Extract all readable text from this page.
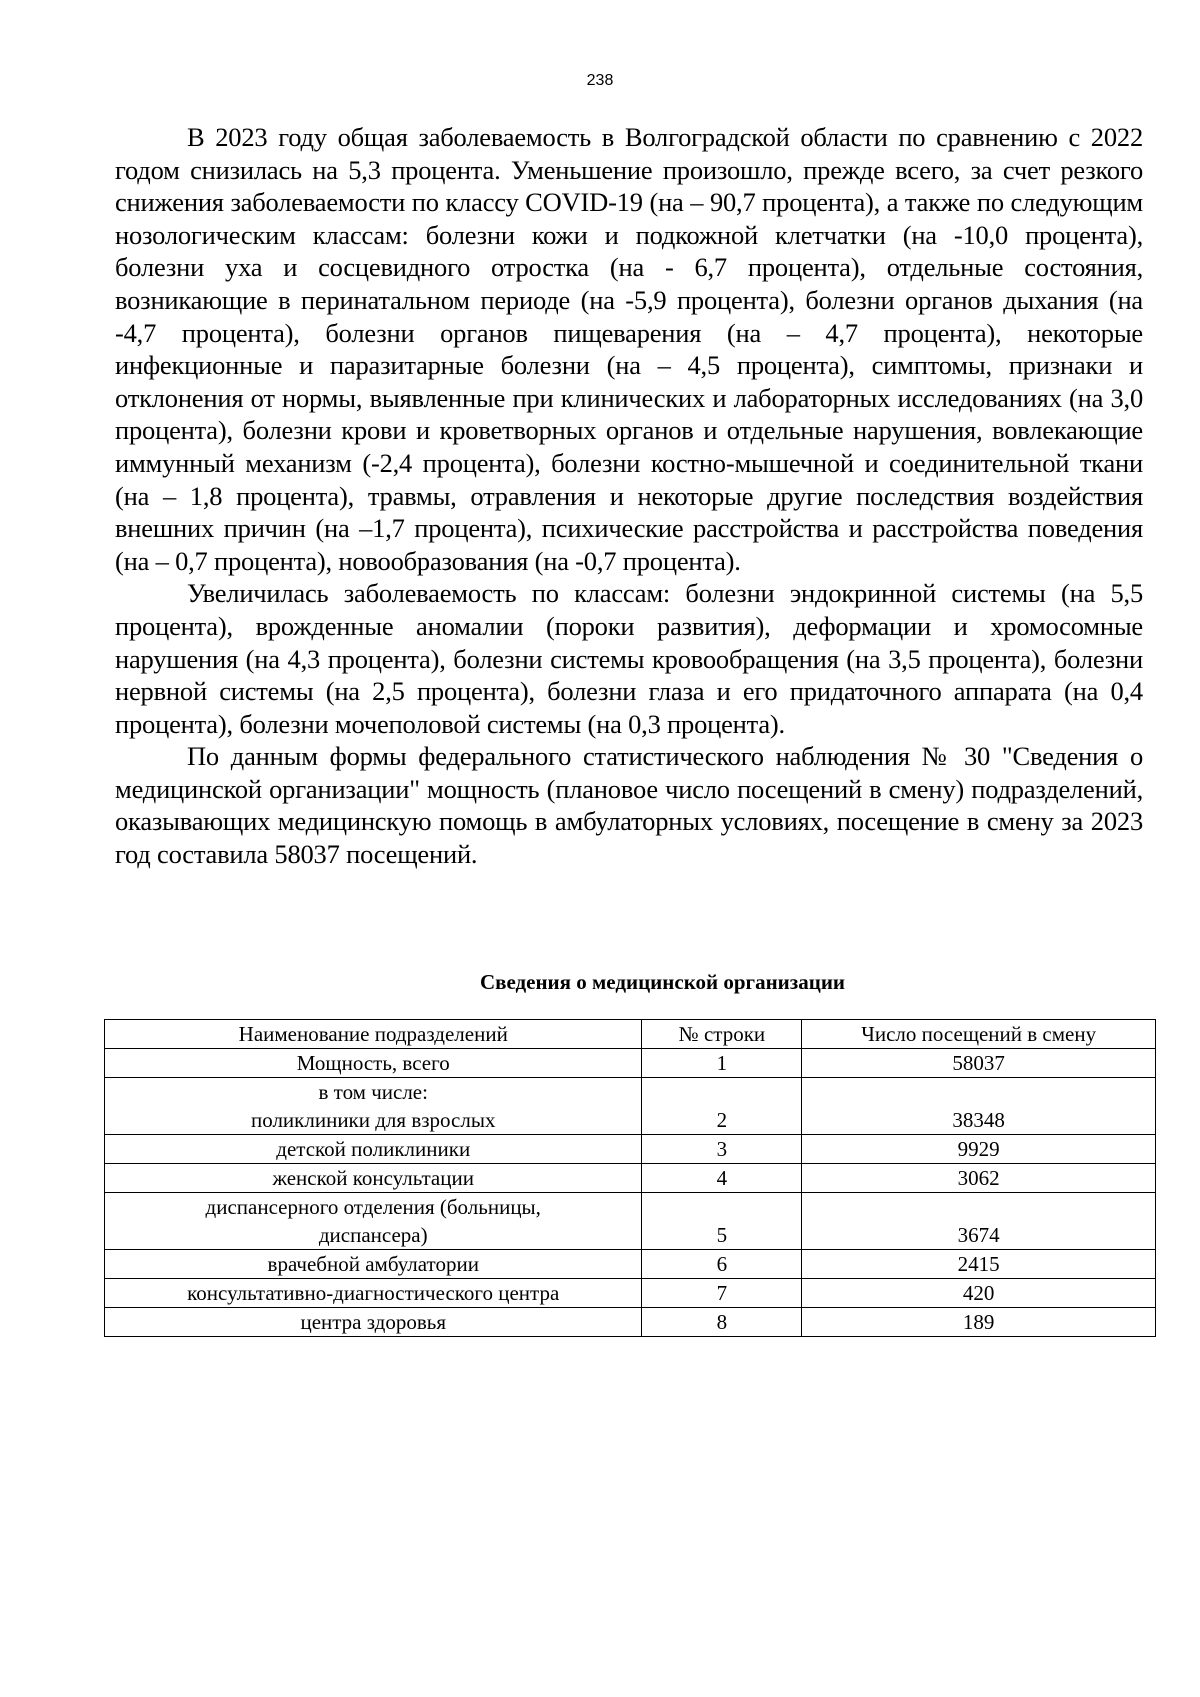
238

В 2023 году общая заболеваемость в Волгоградской области по сравнению с 2022 годом снизилась на 5,3 процента. Уменьшение произошло, прежде всего, за счет резкого снижения заболеваемости по классу COVID-19 (на – 90,7 процента), а также по следующим нозологическим классам: болезни кожи и подкожной клетчатки (на -10,0 процента), болезни уха и сосцевидного отростка (на - 6,7 процента), отдельные состояния, возникающие в перинатальном периоде (на -5,9 процента), болезни органов дыхания (на -4,7 процента), болезни органов пищеварения (на – 4,7 процента), некоторые инфекционные и паразитарные болезни (на – 4,5 процента), симптомы, признаки и отклонения от нормы, выявленные при клинических и лабораторных исследованиях (на 3,0 процента), болезни крови и кроветворных органов и отдельные нарушения, вовлекающие иммунный механизм (-2,4 процента), болезни костно-мышечной и соединительной ткани (на – 1,8 процента), травмы, отравления и некоторые другие последствия воздействия внешних причин (на –1,7 процента), психические расстройства и расстройства поведения (на – 0,7 процента), новообразования (на -0,7 процента).

Увеличилась заболеваемость по классам: болезни эндокринной системы (на 5,5 процента), врожденные аномалии (пороки развития), деформации и хромосомные нарушения (на 4,3 процента), болезни системы кровообращения (на 3,5 процента), болезни нервной системы (на 2,5 процента), болезни глаза и его придаточного аппарата (на 0,4 процента), болезни мочеполовой системы (на 0,3 процента).

По данным формы федерального статистического наблюдения № 30 "Сведения о медицинской организации" мощность (плановое число посещений в смену) подразделений, оказывающих медицинскую помощь в амбулаторных условиях, посещение в смену за 2023 год составила 58037 посещений.

Сведения о медицинской организации

Наименование подразделений	№ строки	Число посещений в смену
Мощность, всего	1	58037

в том числе:
поликлиники для взрослых	2	38348
детской поликлиники	3	9929
женской консультации	4	3062

диспансерного отделения (больницы,
диспансера)	5	3674
врачебной амбулатории	6	2415
консультативно-диагностического центра	7	420
центра здоровья	8	189
